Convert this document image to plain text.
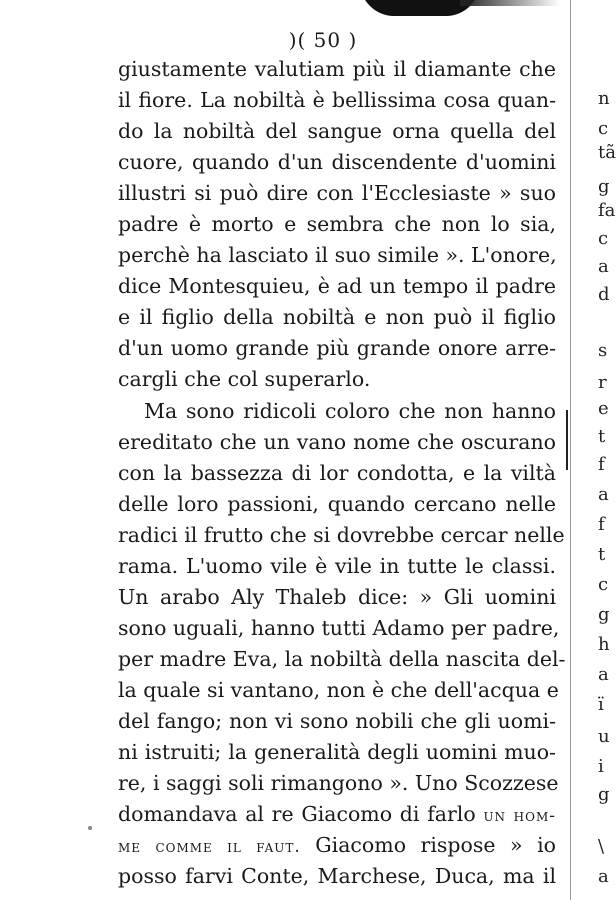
)( 50 )
giustamente valutiam più il diamante che
il fiore. La nobiltà è bellissima cosa quan-
do la nobiltà del sangue orna quella del
cuore, quando d'un discendente d'uomini
illustri si può dire con l'Ecclesiaste » suo
padre è morto e sembra che non lo sia,
perchè ha lasciato il suo simile ». L'onore,
dice Montesquieu, è ad un tempo il padre
e il figlio della nobiltà e non può il figlio
d'un uomo grande più grande onore arre-
cargli che col superarlo.
Ma sono ridicoli coloro che non hanno
ereditato che un vano nome che oscurano
con la bassezza di lor condotta, e la viltà
delle loro passioni, quando cercano nelle
radici il frutto che si dovrebbe cercar nelle
rama. L'uomo vile è vile in tutte le classi.
Un arabo Aly Thaleb dice: » Gli uomini
sono uguali, hanno tutti Adamo per padre,
per madre Eva, la nobiltà della nascita del-
la quale si vantano, non è che dell'acqua e
del fango; non vi sono nobili che gli uomi-
ni istruiti; la generalità degli uomini muo-
re, i saggi soli rimangono ». Uno Scozzese
domandava al re Giacomo di farlo un hom-
me comme il faut. Giacomo rispose » io
posso farvi Conte, Marchese, Duca, ma il
n
c
tã
g
fa
c
a
d
s
r
e
t
f
a
f
t
c
g
h
a
ï
u
i
g
\
a
